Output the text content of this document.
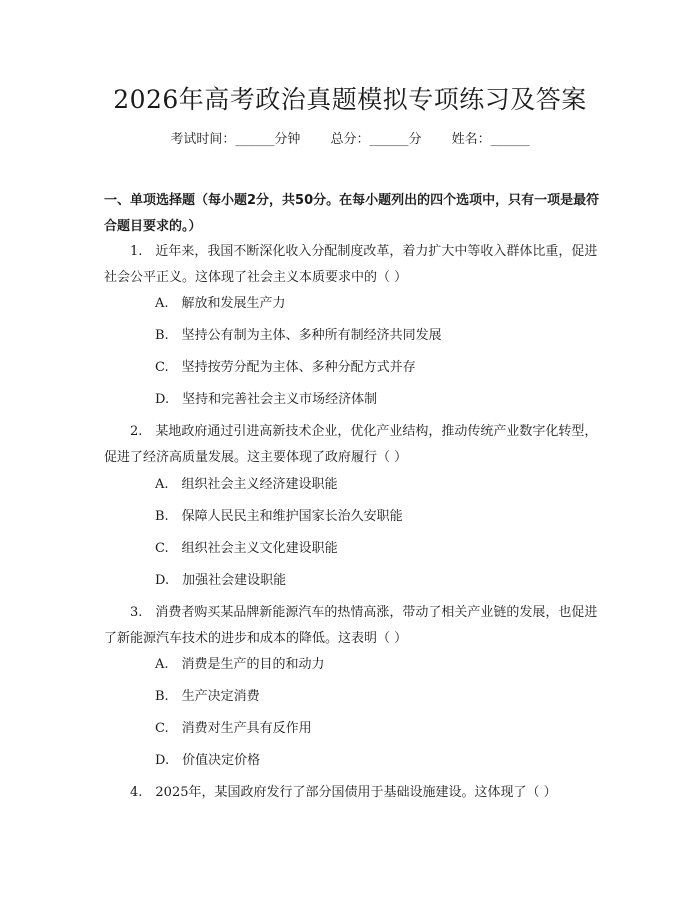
2026年高考政治真题模拟专项练习及答案
考试时间：______分钟 总分：______分 姓名：______
一、单项选择题（每小题2分，共50分。在每小题列出的四个选项中，只有一项是最符合题目要求的。）
1.　近年来，我国不断深化收入分配制度改革，着力扩大中等收入群体比重，促进社会公平正义。这体现了社会主义本质要求中的（ ）
A.　解放和发展生产力
B.　坚持公有制为主体、多种所有制经济共同发展
C.　坚持按劳分配为主体、多种分配方式并存
D.　坚持和完善社会主义市场经济体制
2.　某地政府通过引进高新技术企业，优化产业结构，推动传统产业数字化转型，促进了经济高质量发展。这主要体现了政府履行（ ）
A.　组织社会主义经济建设职能
B.　保障人民民主和维护国家长治久安职能
C.　组织社会主义文化建设职能
D.　加强社会建设职能
3.　消费者购买某品牌新能源汽车的热情高涨，带动了相关产业链的发展，也促进了新能源汽车技术的进步和成本的降低。这表明（ ）
A.　消费是生产的目的和动力
B.　生产决定消费
C.　消费对生产具有反作用
D.　价值决定价格
4.　2025年，某国政府发行了部分国债用于基础设施建设。这体现了（ ）
